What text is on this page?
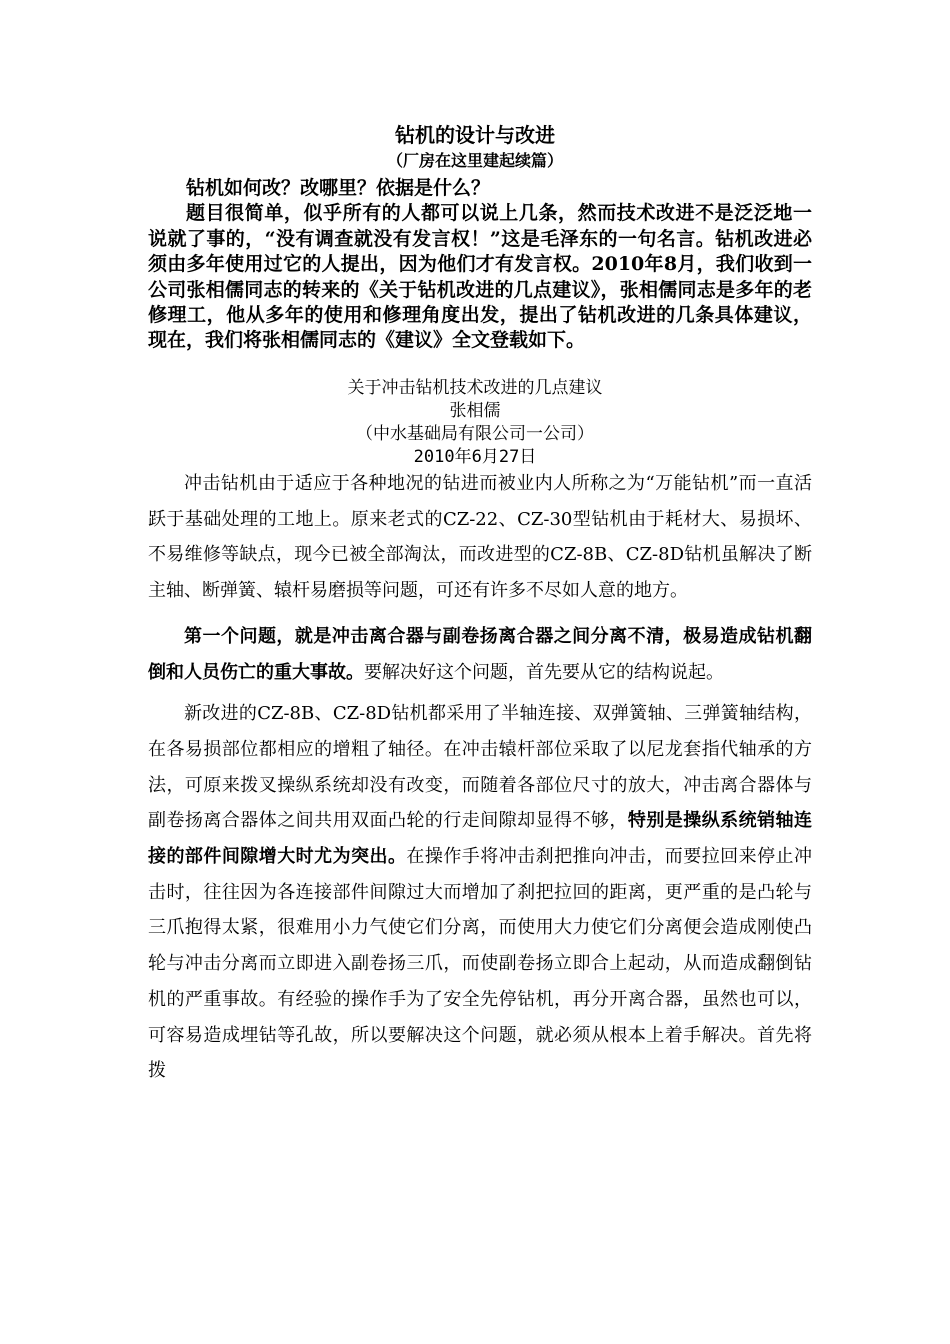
钻机的设计与改进
（厂房在这里建起续篇）

钻机如何改？改哪里？依据是什么？

题目很简单，似乎所有的人都可以说上几条，然而技术改进不是泛泛地一说就了事的，“没有调查就没有发言权！”这是毛泽东的一句名言。钻机改进必须由多年使用过它的人提出，因为他们才有发言权。2010年8月，我们收到一公司张相儒同志的转来的《关于钻机改进的几点建议》，张相儒同志是多年的老修理工，他从多年的使用和修理角度出发，提出了钻机改进的几条具体建议，现在，我们将张相儒同志的《建议》全文登载如下。

关于冲击钻机技术改进的几点建议
张相儒
（中水基础局有限公司一公司）
2010年6月27日

冲击钻机由于适应于各种地况的钻进而被业内人所称之为“万能钻机”而一直活跃于基础处理的工地上。原来老式的CZ-22、CZ-30型钻机由于耗材大、易损坏、不易维修等缺点，现今已被全部淘汰，而改进型的CZ-8B、CZ-8D钻机虽解决了断主轴、断弹簧、辕杆易磨损等问题，可还有许多不尽如人意的地方。

第一个问题，就是冲击离合器与副卷扬离合器之间分离不清，极易造成钻机翻倒和人员伤亡的重大事故。要解决好这个问题，首先要从它的结构说起。

新改进的CZ-8B、CZ-8D钻机都采用了半轴连接、双弹簧轴、三弹簧轴结构，在各易损部位都相应的增粗了轴径。在冲击辕杆部位采取了以尼龙套指代轴承的方法，可原来拨叉操纵系统却没有改变，而随着各部位尺寸的放大，冲击离合器体与副卷扬离合器体之间共用双面凸轮的行走间隙却显得不够，特别是操纵系统销轴连接的部件间隙增大时尤为突出。在操作手将冲击刹把推向冲击，而要拉回来停止冲击时，往往因为各连接部件间隙过大而增加了刹把拉回的距离，更严重的是凸轮与三爪抱得太紧，很难用小力气使它们分离，而使用大力使它们分离便会造成刚使凸轮与冲击分离而立即进入副卷扬三爪，而使副卷扬立即合上起动，从而造成翻倒钻机的严重事故。有经验的操作手为了安全先停钻机，再分开离合器，虽然也可以，可容易造成埋钻等孔故，所以要解决这个问题，就必须从根本上着手解决。首先将拨
